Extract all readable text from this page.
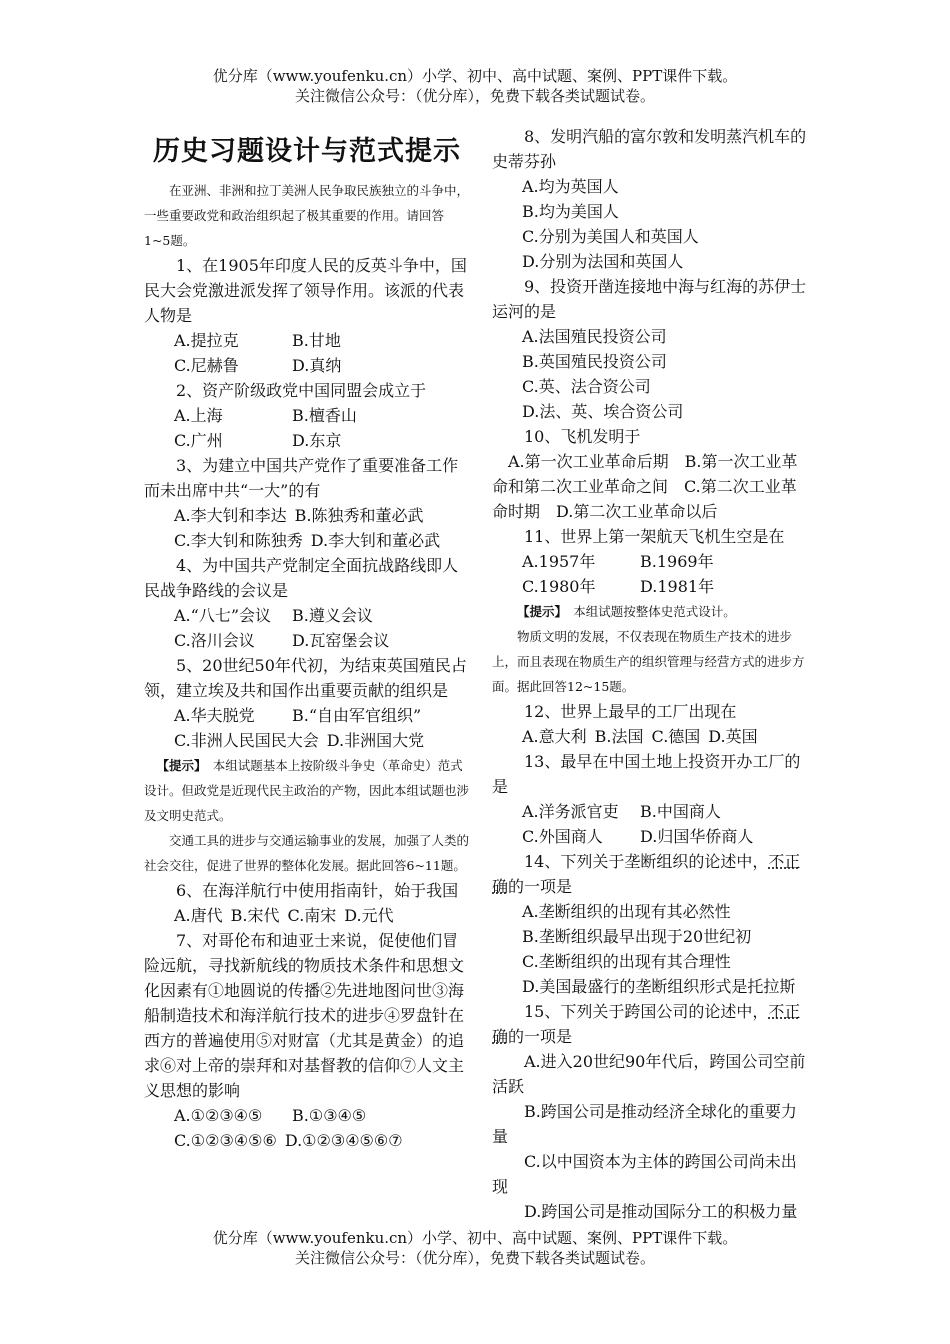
优分库（www.youfenku.cn）小学、初中、高中试题、案例、PPT课件下载。
关注微信公众号：（优分库），免费下载各类试题试卷。
历史习题设计与范式提示

在亚洲、非洲和拉丁美洲人民争取民族独立的斗争中，一些重要政党和政治组织起了极其重要的作用。请回答1~5题。

1、在1905年印度人民的反英斗争中，国民大会党激进派发挥了领导作用。该派的代表人物是

A.提拉克	B.甘地

C.尼赫鲁	D.真纳

2、资产阶级政党中国同盟会成立于

A.上海	B.檀香山

C.广州	D.东京

3、为建立中国共产党作了重要准备工作而未出席中共“一大”的有

A.李大钊和李达 B.陈独秀和董必武

C.李大钊和陈独秀 D.李大钊和董必武

4、为中国共产党制定全面抗战路线即人民战争路线的会议是

A.“八七”会议 B.遵义会议

C.洛川会议 D.瓦窑堡会议

5、20世纪50年代初，为结束英国殖民占领，建立埃及共和国作出重要贡献的组织是

A.华夫脱党 B.“自由军官组织”

C.非洲人民国民大会 D.非洲国大党

【提示】　 本组试题基本上按阶级斗争史（革命史）范式设计。但政党是近现代民主政治的产物，因此本组试题也涉及文明史范式。

交通工具的进步与交通运输事业的发展，加强了人类的社会交往，促进了世界的整体化发展。据此回答6~11题。

6、在海洋航行中使用指南针，始于我国

A.唐代 B.宋代 C.南宋 D.元代

7、对哥伦布和迪亚士来说，促使他们冒险远航，寻找新航线的物质技术条件和思想文化因素有①地圆说的传播②先进地图问世③海船制造技术和海洋航行技术的进步④罗盘针在西方的普遍使用⑤对财富（尤其是黄金）的追求⑥对上帝的崇拜和对基督教的信仰⑦人文主义思想的影响

A.①②③④⑤ B.①③④⑤

C.①②③④⑤⑥ D.①②③④⑤⑥⑦

8、发明汽船的富尔敦和发明蒸汽机车的史蒂芬孙

A.均为英国人

B.均为美国人

C.分别为美国人和英国人

D.分别为法国和英国人

9、投资开凿连接地中海与红海的苏伊士运河的是

A.法国殖民投资公司

B.英国殖民投资公司

C.英、法合资公司

D.法、英、埃合资公司

10、飞机发明于

A.第一次工业革命后期　B.第一次工业革命和第二次工业革命之间　C.第二次工业革命时期　D.第二次工业革命以后

11、世界上第一架航天飞机生空是在

A.1957年	B.1969年

C.1980年	D.1981年

【提示】　 本组试题按整体史范式设计。

物质文明的发展，不仅表现在物质生产技术的进步上，而且表现在物质生产的组织管理与经营方式的进步方面。据此回答12~15题。

12、世界上最早的工厂出现在

A.意大利 B.法国 C.德国 D.英国

13、最早在中国土地上投资开办工厂的是

A.洋务派官吏 B.中国商人

C.外国商人 D.归国华侨商人

14、下列关于垄断组织的论述中，不正确的一项是

A.垄断组织的出现有其必然性

B.垄断组织最早出现于20世纪初

C.垄断组织的出现有其合理性

D.美国最盛行的垄断组织形式是托拉斯

15、下列关于跨国公司的论述中，不正确的一项是

A.进入20世纪90年代后，跨国公司空前活跃

B.跨国公司是推动经济全球化的重要力量

C.以中国资本为主体的跨国公司尚未出现

D.跨国公司是推动国际分工的积极力量

优分库（www.youfenku.cn）小学、初中、高中试题、案例、PPT课件下载。
关注微信公众号：（优分库），免费下载各类试题试卷。
